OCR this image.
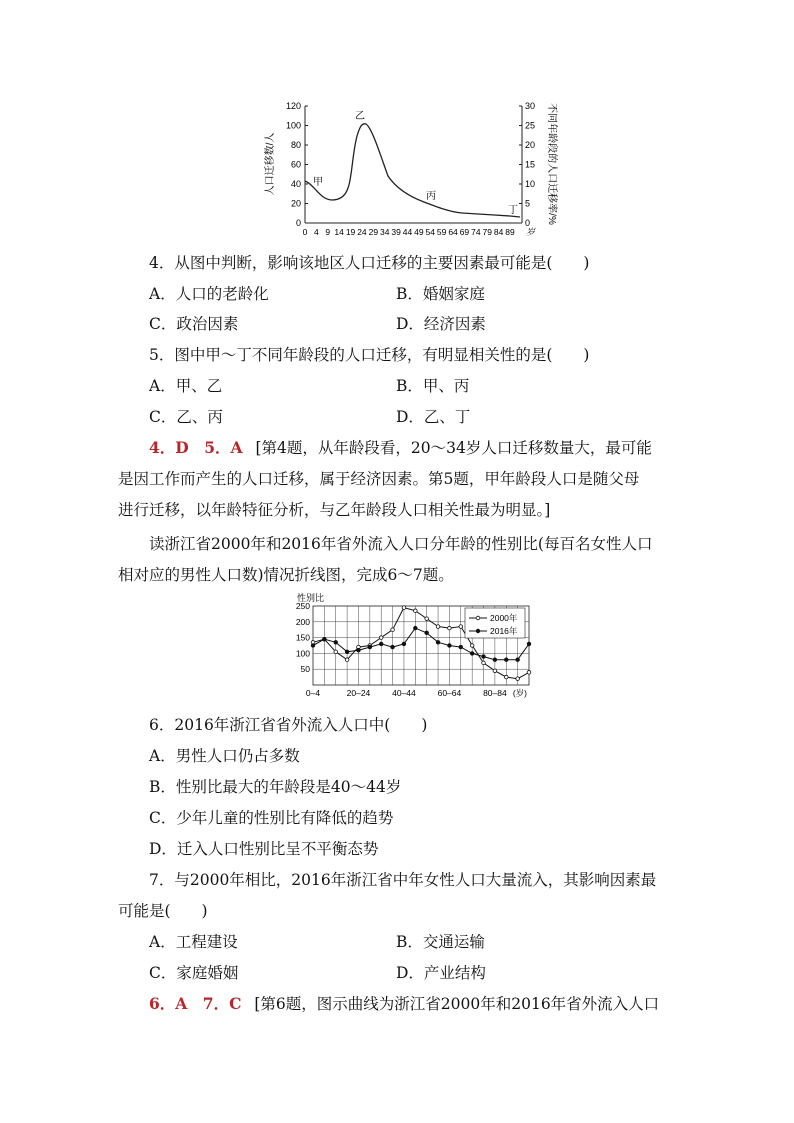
0
20
40
60
80
100
120
0
5
10
15
20
25
30
0 4 9 14 19 24 29 34 39 44 49 54 59 64 69 74 79 84 89 岁
甲
乙
丙
丁
人口迁移数/人	不同年龄段的人口迁移率/%
4．从图中判断，影响该地区人口迁移的主要因素最可能是(　　)
A．人口的老龄化	B．婚姻家庭
C．政治因素	D．经济因素
5．图中甲～丁不同年龄段的人口迁移，有明显相关性的是(　　)
A．甲、乙	B．甲、丙
C．乙、丙	D．乙、丁
4．D　5．A [第4题，从年龄段看，20～34岁人口迁移数量大，最可能
是因工作而产生的人口迁移，属于经济因素。第5题，甲年龄段人口是随父母
进行迁移，以年龄特征分析，与乙年龄段人口相关性最为明显。]
读浙江省2000年和2016年省外流入人口分年龄的性别比(每百名女性人口
相对应的男性人口数)情况折线图，完成6～7题。
性别比
50
100
150
200
250
0–4	20–24	40–44	60–64	80–84 (岁)
2000年
2016年
6．2016年浙江省省外流入人口中(　　)
A．男性人口仍占多数
B．性别比最大的年龄段是40～44岁
C．少年儿童的性别比有降低的趋势
D．迁入人口性别比呈不平衡态势
7．与2000年相比，2016年浙江省中年女性人口大量流入，其影响因素最
可能是(　　)
A．工程建设	B．交通运输
C．家庭婚姻	D．产业结构
6．A　7．C [第6题，图示曲线为浙江省2000年和2016年省外流入人口
